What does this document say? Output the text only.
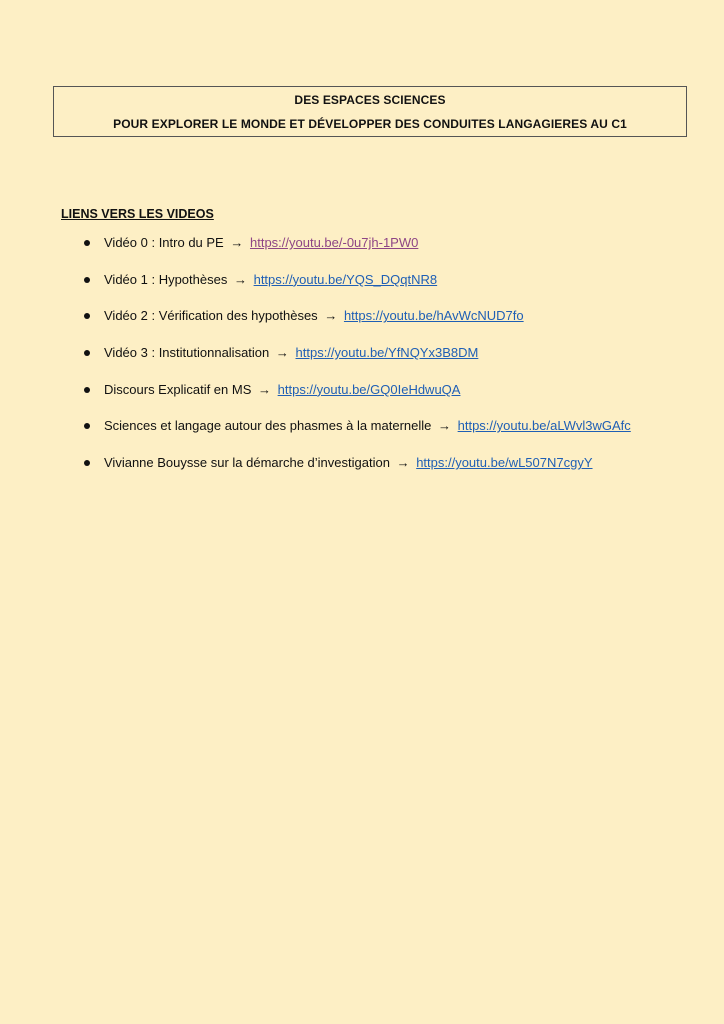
DES ESPACES SCIENCES
POUR EXPLORER LE MONDE ET DÉVELOPPER DES CONDUITES LANGAGIERES AU C1
LIENS VERS LES VIDEOS
Vidéo 0 : Intro du PE → https://youtu.be/-0u7jh-1PW0
Vidéo 1 : Hypothèses → https://youtu.be/YQS_DQqtNR8
Vidéo 2 : Vérification des hypothèses → https://youtu.be/hAvWcNUD7fo
Vidéo 3 : Institutionnalisation → https://youtu.be/YfNQYx3B8DM
Discours Explicatif en MS → https://youtu.be/GQ0IeHdwuQA
Sciences et langage autour des phasmes à la maternelle → https://youtu.be/aLWvl3wGAfc
Vivianne Bouysse sur la démarche d’investigation → https://youtu.be/wL507N7cgyY
